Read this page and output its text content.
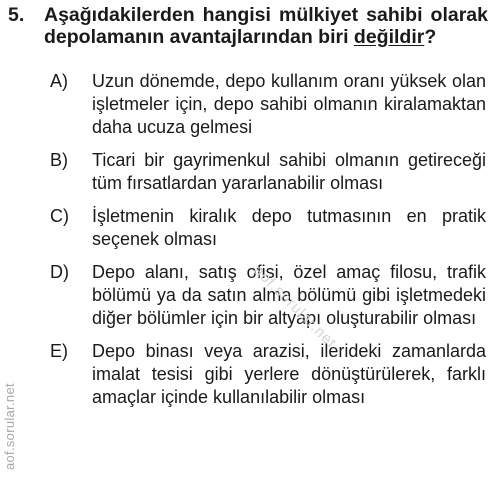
5.	Aşağıdakilerden hangisi mülkiyet sahibi olarak depolamanın avantajlarından biri değildir?
A)	Uzun dönemde, depo kullanım oranı yüksek olan işletmeler için, depo sahibi olmanın kiralamaktan daha ucuza gelmesi
B)	Ticari bir gayrimenkul sahibi olmanın getireceği tüm fırsatlardan yararlanabilir olması
C)	İşletmenin kiralık depo tutmasının en pratik seçenek olması
D)	Depo alanı, satış ofisi, özel amaç filosu, trafik bölümü ya da satın alma bölümü gibi işletmedeki diğer bölümler için bir altyapı oluşturabilir olması
E)	Depo binası veya arazisi, ilerideki zamanlarda imalat tesisi gibi yerlere dönüştürülerek, farklı amaçlar içinde kullanılabilir olması
aof.sorular.net
aof.sorular.net
